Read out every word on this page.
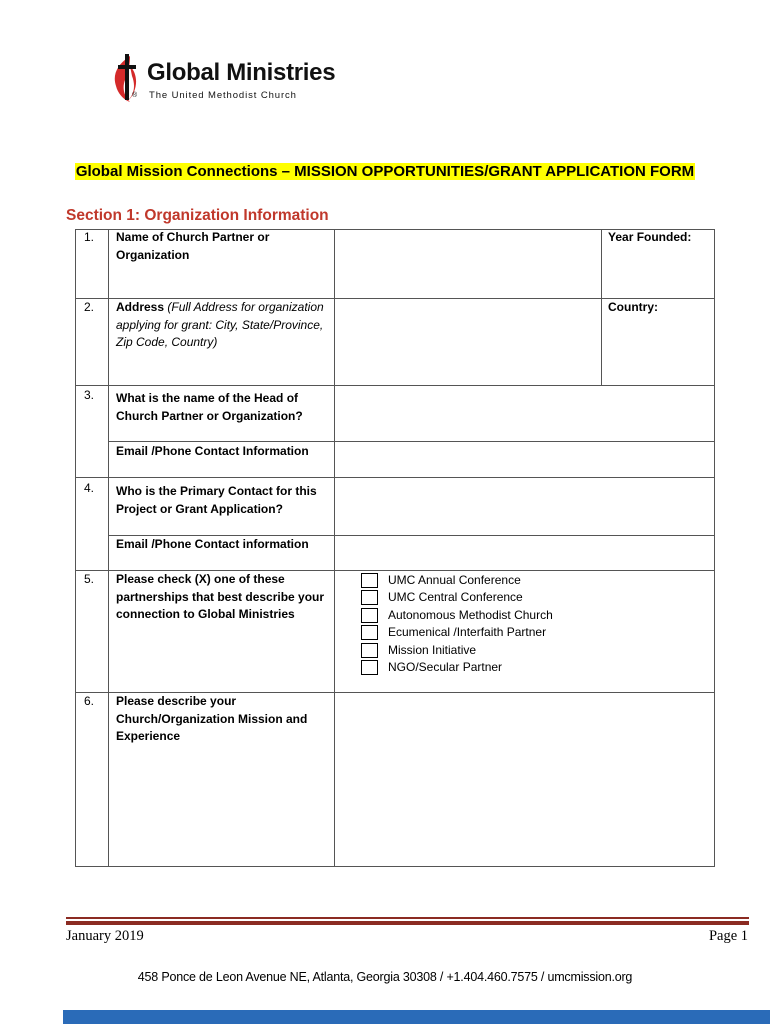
Global Ministries
® The United Methodist Church
Global Mission Connections – MISSION OPPORTUNITIES/GRANT APPLICATION FORM
Section 1: Organization Information
1. Name of Church Partner or Organization
Year Founded:
2. Address (Full Address for organization applying for grant: City, State/Province, Zip Code, Country)
Country:
3. What is the name of the Head of Church Partner or Organization?
Email /Phone Contact Information
4. Who is the Primary Contact for this Project or Grant Application?
Email /Phone Contact information
5. Please check (X) one of these partnerships that best describe your connection to Global Ministries
UMC Annual Conference
UMC Central Conference
Autonomous Methodist Church
Ecumenical /Interfaith Partner
Mission Initiative
NGO/Secular Partner
6. Please describe your Church/Organization Mission and Experience
January 2019	Page 1
458 Ponce de Leon Avenue NE, Atlanta, Georgia 30308 / +1.404.460.7575 / umcmission.org
